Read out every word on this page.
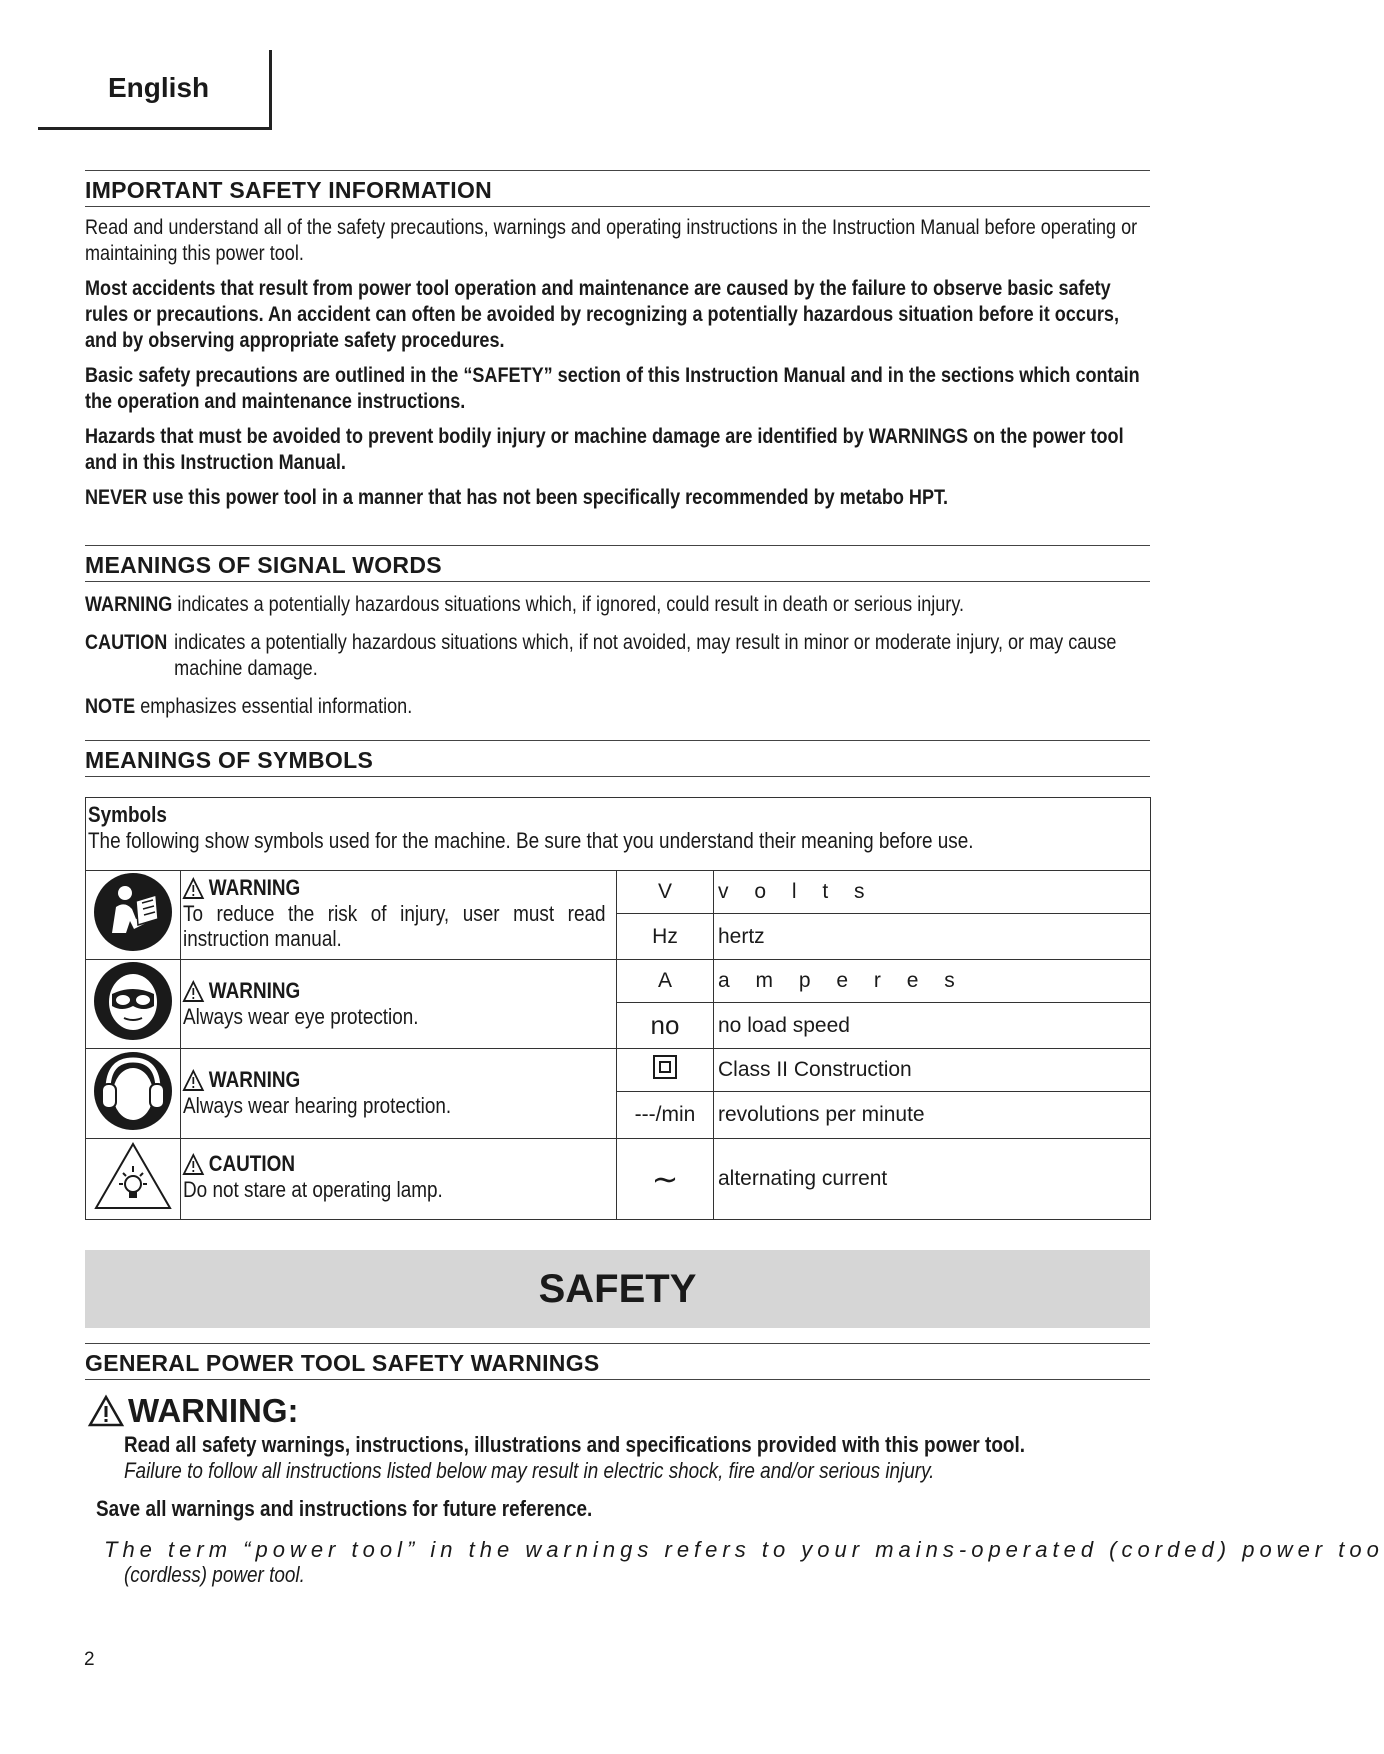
English
IMPORTANT SAFETY INFORMATION

Read and understand all of the safety precautions, warnings and operating instructions in the Instruction Manual before operating or maintaining this power tool.

Most accidents that result from power tool operation and maintenance are caused by the failure to observe basic safety rules or precautions. An accident can often be avoided by recognizing a potentially hazardous situation before it occurs, and by observing appropriate safety procedures.

Basic safety precautions are outlined in the “SAFETY” section of this Instruction Manual and in the sections which contain the operation and maintenance instructions.

Hazards that must be avoided to prevent bodily injury or machine damage are identified by WARNINGS on the power tool and in this Instruction Manual.

NEVER use this power tool in a manner that has not been specifically recommended by metabo HPT.

MEANINGS OF SIGNAL WORDS

WARNING indicates a potentially hazardous situations which, if ignored, could result in death or serious injury.

CAUTION indicates a potentially hazardous situations which, if not avoided, may result in minor or moderate injury, or may cause machine damage.

NOTE emphasizes essential information.

MEANINGS OF SYMBOLS
Symbols
The following show symbols used for the machine. Be sure that you understand their meaning before use.			

WARNING
To reduce the risk of injury, user must read instruction manual.	V	v o l t s
		Hz	hertz

WARNING
Always wear eye protection.	A	a m p e r e s
		no	no load speed

WARNING
Always wear hearing protection.		Class II Construction
		---/min	revolutions per minute

CAUTION
Do not stare at operating lamp.	∼	alternating current
SAFETY
GENERAL POWER TOOL SAFETY WARNINGS
WARNING:

Read all safety warnings, instructions, illustrations and specifications provided with this power tool.

Failure to follow all instructions listed below may result in electric shock, fire and/or serious injury.

Save all warnings and instructions for future reference.

The term “power tool” in the warnings refers to your mains-operated (corded) power too

(cordless) power tool.

2
